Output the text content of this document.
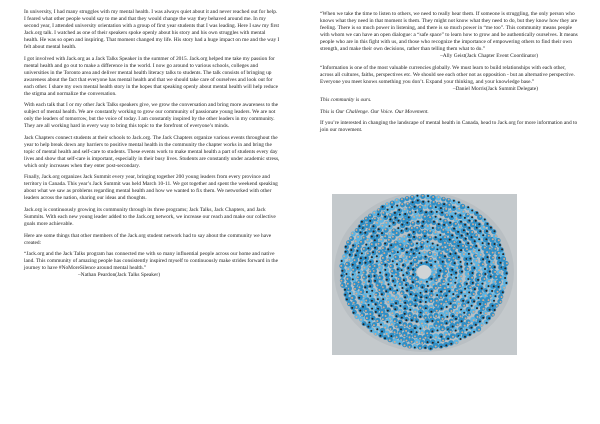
In university, I had many struggles with my mental health. I was always quiet about it and never reached out for help. I feared what other people would say to me and that they would change the way they behaved around me. In my second year, I attended university orientation with a group of first year students that I was leading. Here I saw my first Jack.org talk. I watched as one of their speakers spoke openly about his story and his own struggles with mental health. He was so open and inspiring. That moment changed my life. His story had a huge impact on me and the way I felt about mental health.

I got involved with Jack.org as a Jack Talks Speaker in the summer of 2015. Jack.org helped me take my passion for mental health and go out to make a difference in the world. I now go around to various schools, colleges and universities in the Toronto area and deliver mental health literacy talks to students. The talk consists of bringing up awareness about the fact that everyone has mental health and that we should take care of ourselves and look out for each other. I share my own mental health story in the hopes that speaking openly about mental health will help reduce the stigma and normalize the conversation.

With each talk that I or my other Jack Talks speakers give, we grow the conversation and bring more awareness to the subject of mental health. We are constantly working to grow our community of passionate young leaders. We are not only the leaders of tomorrow, but the voice of today. I am constantly inspired by the other leaders in my community. They are all working hard in every way to bring this topic to the forefront of everyone’s minds.

Jack Chapters connect students at their schools to Jack.org. The Jack Chapters organize various events throughout the year to help break down any barriers to positive mental health in the community the chapter works in and bring the topic of mental health and self-care to students. These events work to make mental health a part of students every day lives and show that self-care is important, especially in their busy lives. Students are constantly under academic stress, which only increases when they enter post-secondary.

Finally, Jack.org organizes Jack Summit every year, bringing together 200 young leaders from every province and territory in Canada. This year’s Jack Summit was held March 10-11. We got together and spent the weekend speaking about what we saw as problems regarding mental health and how we wanted to fix them. We networked with other leaders across the nation, sharing our ideas and thoughts.

Jack.org is continuously growing its community through its three programs; Jack Talks, Jack Chapters, and Jack Summits. With each new young leader added to the Jack.org network, we increase our reach and make our collective goals more achievable.

Here are some things that other members of the Jack.org student network had to say about the community we have created:

“Jack.org and the Jack Talks program has connected me with so many influential people across our home and native land. This community of amazing people has consistently inspired myself to continuously make strides forward in the journey to have #NoMoreSilence around mental health.”

–Nathan Peardon(Jack Talks Speaker)

“When we take the time to listen to others, we need to really hear them. If someone is struggling, the only person who knows what they need in that moment is them. They might not know what they need to do, but they know how they are feeling. There is so much power in listening, and there is so much power in “me too”. This community means people with whom we can have an open dialogue: a “safe space” to learn how to grow and be authentically ourselves. It means people who are in this fight with us, and those who recognize the importance of empowering others to find their own strength, and make their own decisions, rather than telling them what to do.”

–Ally Geist(Jack Chapter Event Coordinator)

“Information is one of the most valuable currencies globally. We must learn to build relationships with each other, across all cultures, faiths, perspectives etc. We should see each other not as opposition - but an alternative perspective. Everyone you meet knows something you don’t. Expand your thinking, and your knowledge base.”

–Daniel Morris(Jack Summit Delegate)

This community is ours.

This is Our Challenge. Our Voice. Our Movement.

If you’re interested in changing the landscape of mental health in Canada, head to Jack.org for more information and to join our movement.
